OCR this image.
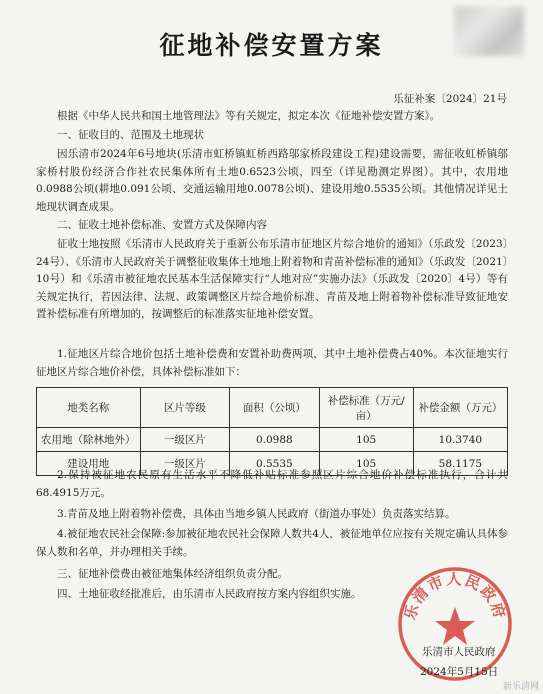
征地补偿安置方案
乐征补案〔2024〕21号
根据《中华人民共和国土地管理法》等有关规定，拟定本次《征地补偿安置方案》。
一、征收目的、范围及土地现状
因乐清市2024年6号地块(乐清市虹桥镇虹桥西路邬家桥段建设工程)建设需要，需征收虹桥镇邬家桥村股份经济合作社农民集体所有土地0.6523公顷，四至（详见勘测定界图）。其中，农用地0.0988公顷(耕地0.091公顷、交通运输用地0.0078公顷)、建设用地0.5535公顷。其他情况详见土地现状调查成果。
二、征收土地补偿标准、安置方式及保障内容
征收土地按照《乐清市人民政府关于重新公布乐清市征地区片综合地价的通知》（乐政发〔2023〕24号）、《乐清市人民政府关于调整征收集体土地地上附着物和青苗补偿标准的通知》（乐政发〔2021〕10号）和《乐清市被征地农民基本生活保障实行“人地对应”实施办法》（乐政发〔2020〕4号）等有关规定执行，若因法律、法规、政策调整区片综合地价标准、青苗及地上附着物补偿标准导致征地安置补偿标准有所增加的，按调整后的标准落实征地补偿安置。
1.征地区片综合地价包括土地补偿费和安置补助费两项，其中土地补偿费占40%。本次征地实行征地区片综合地价补偿，具体补偿标准如下：
地类名称	区片等级	面积（公顷）	补偿标准（万元/亩）	补偿金额（万元）
农用地（除林地外）	一级区片	0.0988	105	10.3740
建设用地	一级区片	0.5535	105	58.1175
2.保持被征地农民原有生活水平不降低补贴标准参照区片综合地价补偿标准执行，合计共68.4915万元。
3.青苗及地上附着物补偿费，具体由当地乡镇人民政府（街道办事处）负责落实结算。
4.被征地农民社会保障:参加被征地农民社会保障人数共4人，被征地单位应按有关规定确认具体参保人数和名单，并办理相关手续。
三、征地补偿费由被征地集体经济组织负责分配。
四、土地征收经批准后，由乐清市人民政府按方案内容组织实施。
乐清市人民政府
乐清市人民政府
2024年5月15日
新乐清网
